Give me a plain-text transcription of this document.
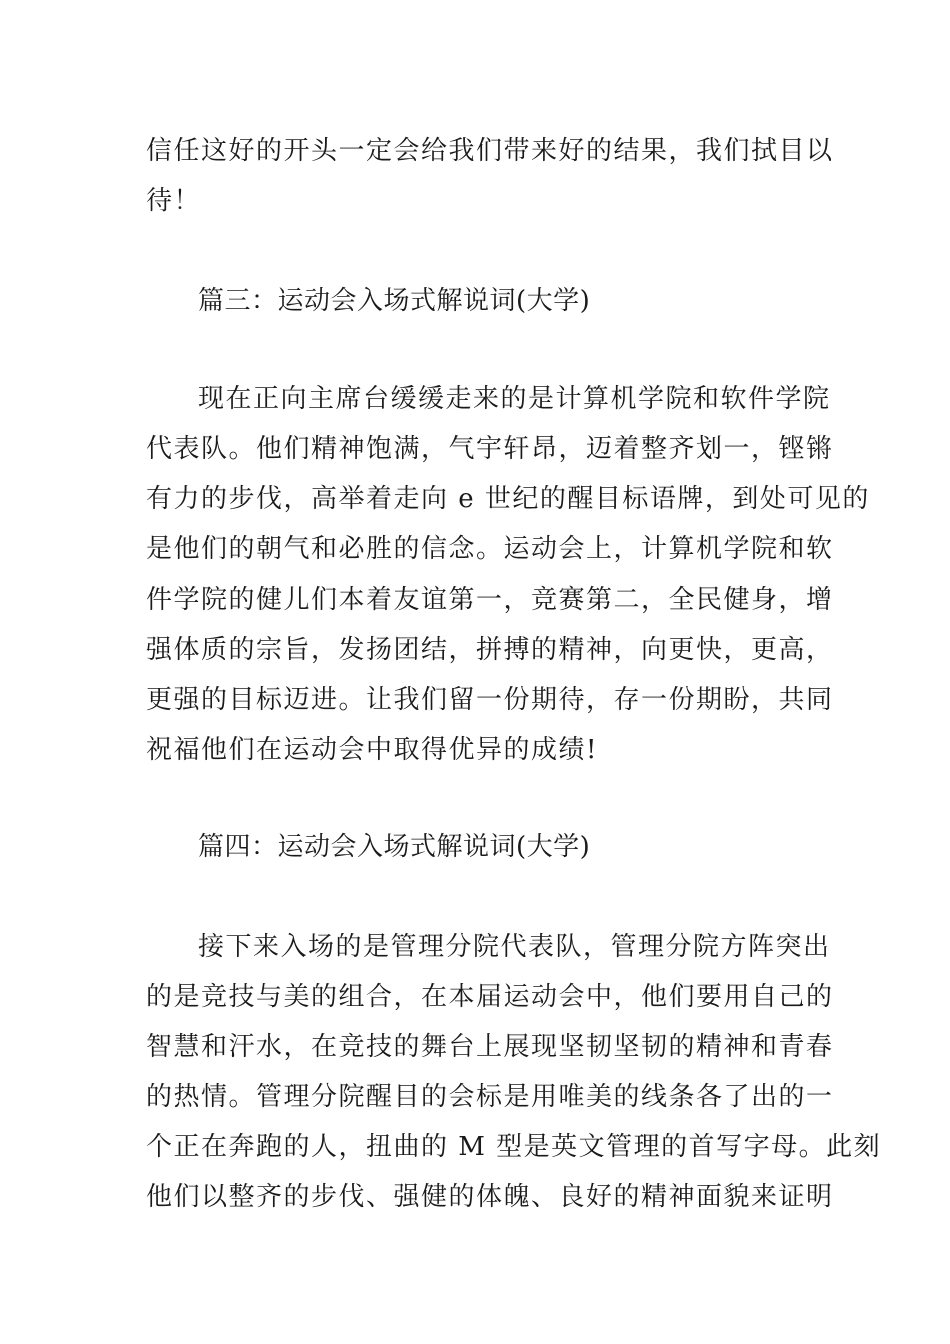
信任这好的开头一定会给我们带来好的结果，我们拭目以
待！
篇三：运动会入场式解说词(大学)
现在正向主席台缓缓走来的是计算机学院和软件学院
代表队。他们精神饱满，气宇轩昂，迈着整齐划一，铿锵
有力的步伐，高举着走向 e 世纪的醒目标语牌，到处可见的
是他们的朝气和必胜的信念。运动会上，计算机学院和软
件学院的健儿们本着友谊第一，竞赛第二，全民健身，增
强体质的宗旨，发扬团结，拼搏的精神，向更快，更高，
更强的目标迈进。让我们留一份期待，存一份期盼，共同
祝福他们在运动会中取得优异的成绩!
篇四：运动会入场式解说词(大学)
接下来入场的是管理分院代表队，管理分院方阵突出
的是竞技与美的组合，在本届运动会中，他们要用自己的
智慧和汗水，在竞技的舞台上展现坚韧坚韧的精神和青春
的热情。管理分院醒目的会标是用唯美的线条各了出的一
个正在奔跑的人，扭曲的 M 型是英文管理的首写字母。此刻
他们以整齐的步伐、强健的体魄、良好的精神面貌来证明
